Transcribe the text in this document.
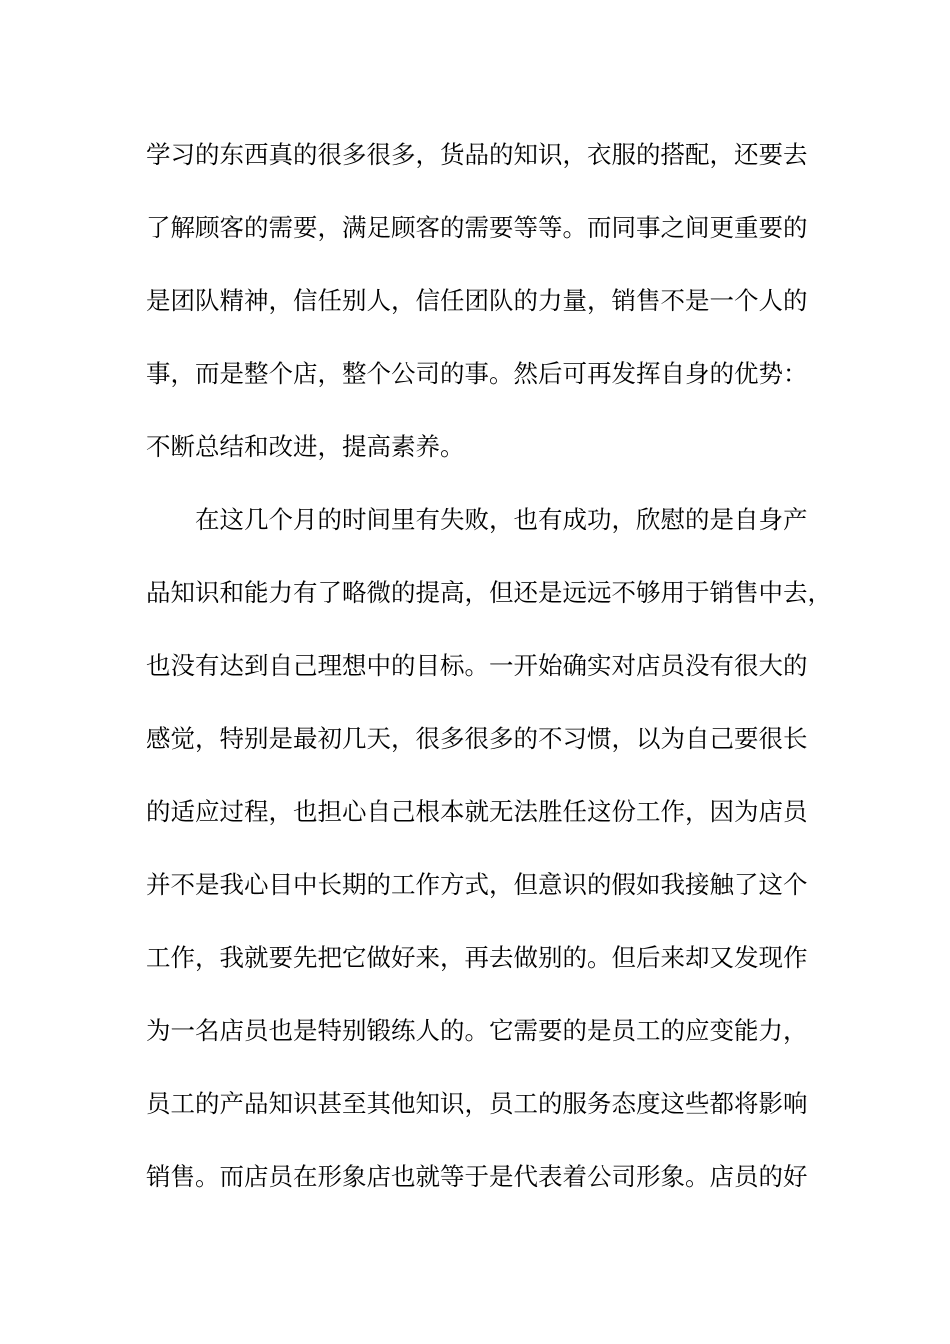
学习的东西真的很多很多，货品的知识，衣服的搭配，还要去
了解顾客的需要，满足顾客的需要等等。而同事之间更重要的
是团队精神，信任别人，信任团队的力量，销售不是一个人的
事，而是整个店，整个公司的事。然后可再发挥自身的优势：
不断总结和改进，提高素养。
在这几个月的时间里有失败，也有成功，欣慰的是自身产
品知识和能力有了略微的提高，但还是远远不够用于销售中去，
也没有达到自己理想中的目标。一开始确实对店员没有很大的
感觉，特别是最初几天，很多很多的不习惯，以为自己要很长
的适应过程，也担心自己根本就无法胜任这份工作，因为店员
并不是我心目中长期的工作方式，但意识的假如我接触了这个
工作，我就要先把它做好来，再去做别的。但后来却又发现作
为一名店员也是特别锻练人的。它需要的是员工的应变能力，
员工的产品知识甚至其他知识，员工的服务态度这些都将影响
销售。而店员在形象店也就等于是代表着公司形象。店员的好
